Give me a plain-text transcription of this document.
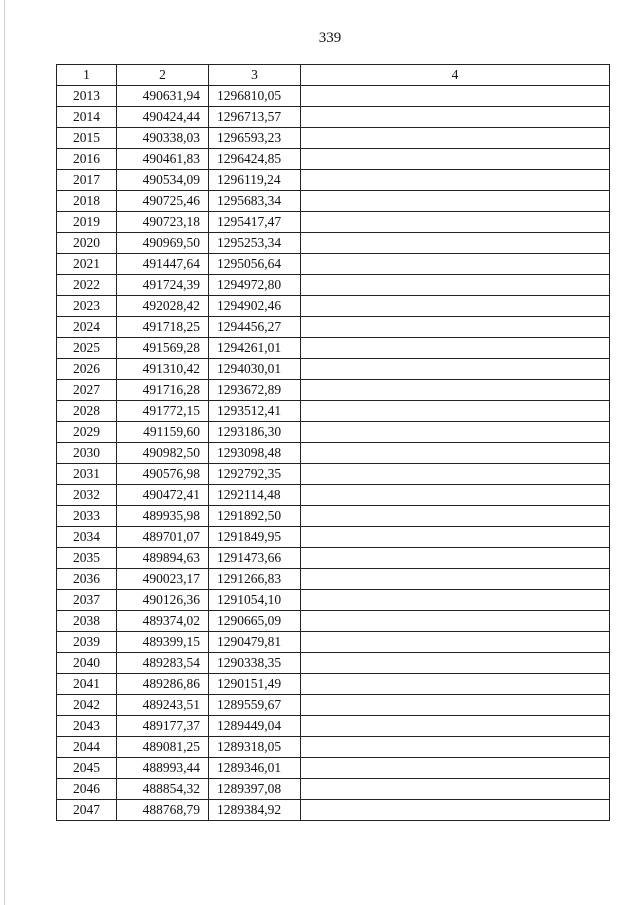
339
1	2	3	4
2013	490631,94	1296810,05	
2014	490424,44	1296713,57	
2015	490338,03	1296593,23	
2016	490461,83	1296424,85	
2017	490534,09	1296119,24	
2018	490725,46	1295683,34	
2019	490723,18	1295417,47	
2020	490969,50	1295253,34	
2021	491447,64	1295056,64	
2022	491724,39	1294972,80	
2023	492028,42	1294902,46	
2024	491718,25	1294456,27	
2025	491569,28	1294261,01	
2026	491310,42	1294030,01	
2027	491716,28	1293672,89	
2028	491772,15	1293512,41	
2029	491159,60	1293186,30	
2030	490982,50	1293098,48	
2031	490576,98	1292792,35	
2032	490472,41	1292114,48	
2033	489935,98	1291892,50	
2034	489701,07	1291849,95	
2035	489894,63	1291473,66	
2036	490023,17	1291266,83	
2037	490126,36	1291054,10	
2038	489374,02	1290665,09	
2039	489399,15	1290479,81	
2040	489283,54	1290338,35	
2041	489286,86	1290151,49	
2042	489243,51	1289559,67	
2043	489177,37	1289449,04	
2044	489081,25	1289318,05	
2045	488993,44	1289346,01	
2046	488854,32	1289397,08	
2047	488768,79	1289384,92	
